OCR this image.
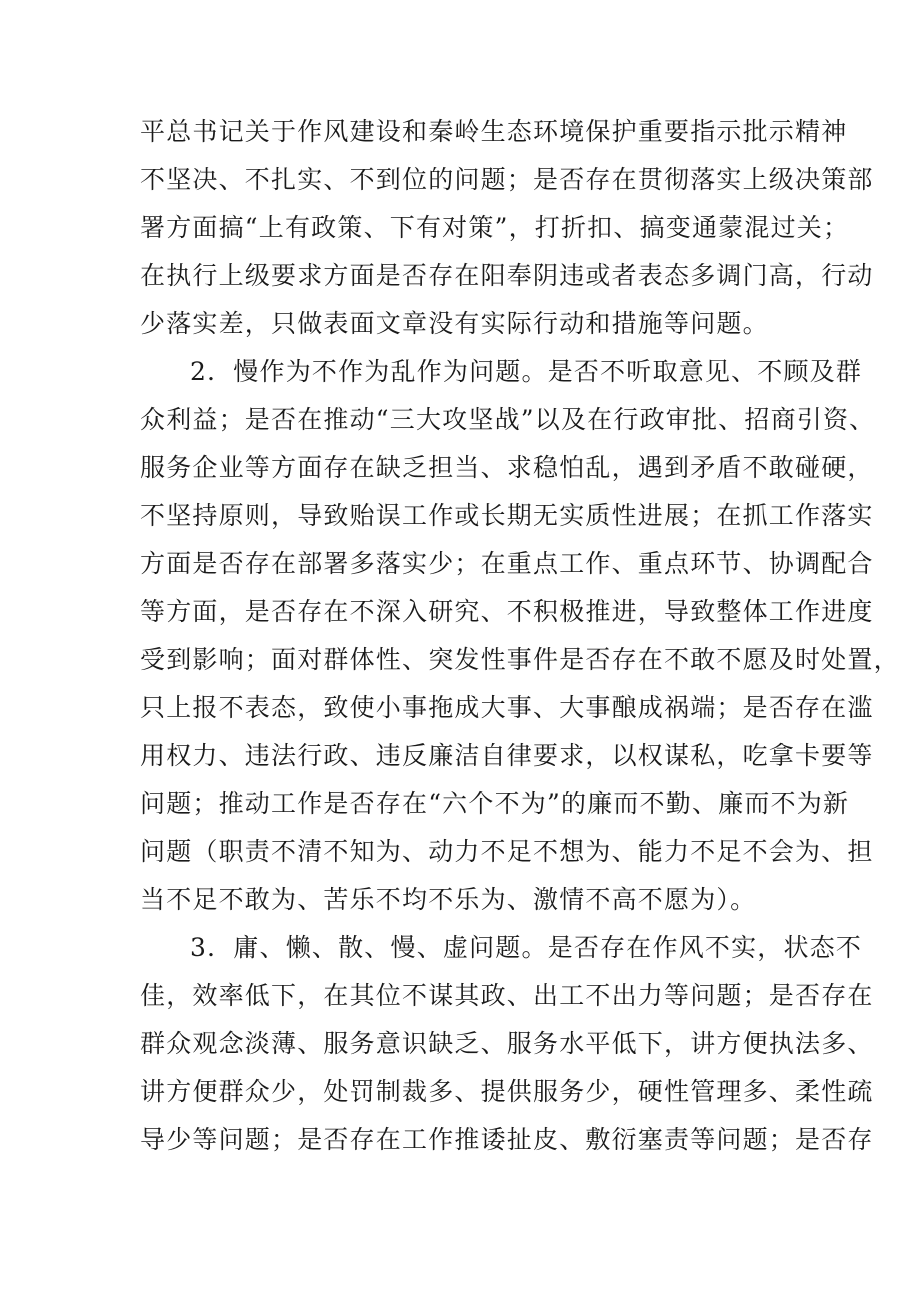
平总书记关于作风建设和秦岭生态环境保护重要指示批示精神
不坚决、不扎实、不到位的问题；是否存在贯彻落实上级决策部
署方面搞“上有政策、下有对策”，打折扣、搞变通蒙混过关；
在执行上级要求方面是否存在阳奉阴违或者表态多调门高，行动
少落实差，只做表面文章没有实际行动和措施等问题。
2．慢作为不作为乱作为问题。是否不听取意见、不顾及群
众利益；是否在推动“三大攻坚战”以及在行政审批、招商引资、
服务企业等方面存在缺乏担当、求稳怕乱，遇到矛盾不敢碰硬，
不坚持原则，导致贻误工作或长期无实质性进展；在抓工作落实
方面是否存在部署多落实少；在重点工作、重点环节、协调配合
等方面，是否存在不深入研究、不积极推进，导致整体工作进度
受到影响；面对群体性、突发性事件是否存在不敢不愿及时处置，
只上报不表态，致使小事拖成大事、大事酿成祸端；是否存在滥
用权力、违法行政、违反廉洁自律要求，以权谋私，吃拿卡要等
问题；推动工作是否存在“六个不为”的廉而不勤、廉而不为新
问题（职责不清不知为、动力不足不想为、能力不足不会为、担
当不足不敢为、苦乐不均不乐为、激情不高不愿为）。
3．庸、懒、散、慢、虚问题。是否存在作风不实，状态不
佳，效率低下，在其位不谋其政、出工不出力等问题；是否存在
群众观念淡薄、服务意识缺乏、服务水平低下，讲方便执法多、
讲方便群众少，处罚制裁多、提供服务少，硬性管理多、柔性疏
导少等问题；是否存在工作推诿扯皮、敷衍塞责等问题；是否存
